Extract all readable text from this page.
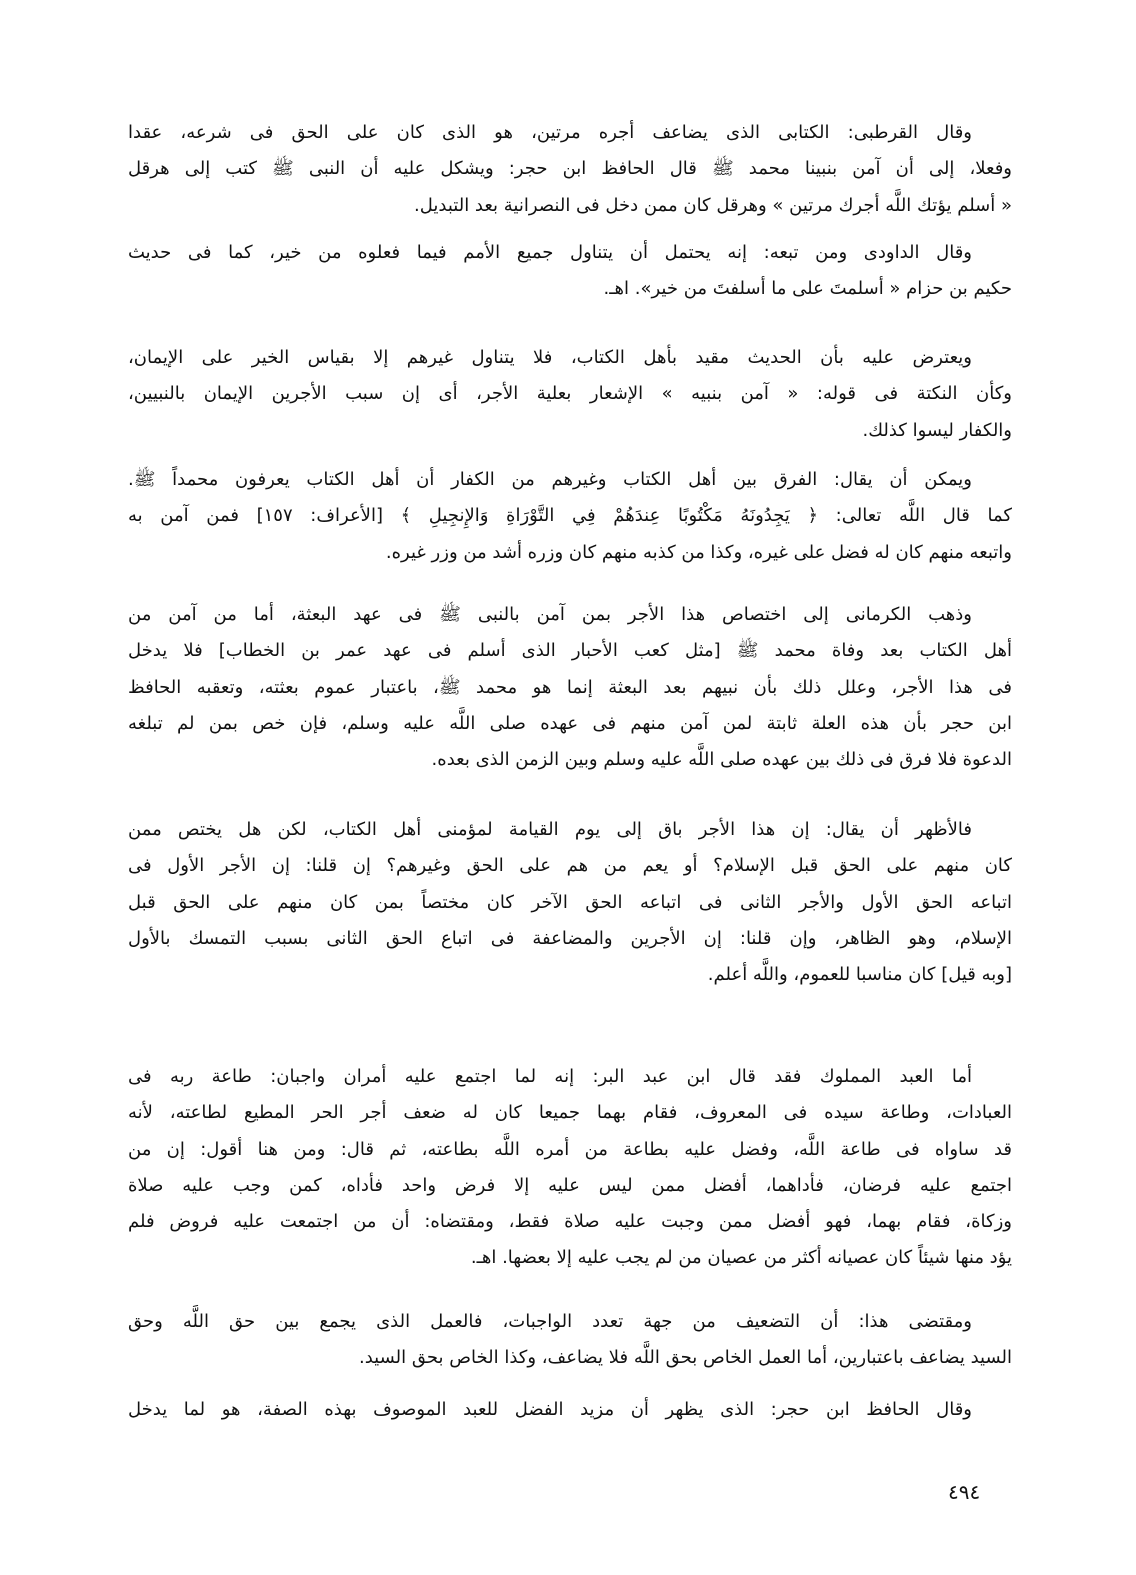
وقال القرطبى: الكتابى الذى يضاعف أجره مرتين، هو الذى كان على الحق فى شرعه، عقدا
وفعلا، إلى أن آمن بنبينا محمد ﷺ قال الحافظ ابن حجر: ويشكل عليه أن النبى ﷺ كتب إلى هرقل
« أسلم يؤتك اللَّه أجرك مرتين » وهرقل كان ممن دخل فى النصرانية بعد التبديل.
وقال الداودى ومن تبعه: إنه يحتمل أن يتناول جميع الأمم فيما فعلوه من خير، كما فى حديث
حكيم بن حزام « أسلمتَ على ما أسلفتَ من خير». اهـ.
ويعترض عليه بأن الحديث مقيد بأهل الكتاب، فلا يتناول غيرهم إلا بقياس الخير على الإيمان،
وكأن النكتة فى قوله: « آمن بنبيه » الإشعار بعلية الأجر، أى إن سبب الأجرين الإيمان بالنبيين،
والكفار ليسوا كذلك.
ويمكن أن يقال: الفرق بين أهل الكتاب وغيرهم من الكفار أن أهل الكتاب يعرفون محمداً ﷺ.
كما قال اللَّه تعالى: ﴿ يَجِدُونَهُ مَكْتُوبًا عِندَهُمْ فِي التَّوْرَاةِ وَالإِنجِيلِ ﴾ [الأعراف: ١٥٧] فمن آمن به
واتبعه منهم كان له فضل على غيره، وكذا من كذبه منهم كان وزره أشد من وزر غيره.
وذهب الكرمانى إلى اختصاص هذا الأجر بمن آمن بالنبى ﷺ فى عهد البعثة، أما من آمن من
أهل الكتاب بعد وفاة محمد ﷺ [مثل كعب الأحبار الذى أسلم فى عهد عمر بن الخطاب] فلا يدخل
فى هذا الأجر، وعلل ذلك بأن نبيهم بعد البعثة إنما هو محمد ﷺ، باعتبار عموم بعثته، وتعقبه الحافظ
ابن حجر بأن هذه العلة ثابتة لمن آمن منهم فى عهده صلى اللَّه عليه وسلم، فإن خص بمن لم تبلغه
الدعوة فلا فرق فى ذلك بين عهده صلى اللَّه عليه وسلم وبين الزمن الذى بعده.
فالأظهر أن يقال: إن هذا الأجر باق إلى يوم القيامة لمؤمنى أهل الكتاب، لكن هل يختص ممن
كان منهم على الحق قبل الإسلام؟ أو يعم من هم على الحق وغيرهم؟ إن قلنا: إن الأجر الأول فى
اتباعه الحق الأول والأجر الثانى فى اتباعه الحق الآخر كان مختصاً بمن كان منهم على الحق قبل
الإسلام، وهو الظاهر، وإن قلنا: إن الأجرين والمضاعفة فى اتباع الحق الثانى بسبب التمسك بالأول
[وبه قيل] كان مناسبا للعموم، واللَّه أعلم.
أما العبد المملوك فقد قال ابن عبد البر: إنه لما اجتمع عليه أمران واجبان: طاعة ربه فى
العبادات، وطاعة سيده فى المعروف، فقام بهما جميعا كان له ضعف أجر الحر المطيع لطاعته، لأنه
قد ساواه فى طاعة اللَّه، وفضل عليه بطاعة من أمره اللَّه بطاعته، ثم قال: ومن هنا أقول: إن من
اجتمع عليه فرضان، فأداهما، أفضل ممن ليس عليه إلا فرض واحد فأداه، كمن وجب عليه صلاة
وزكاة، فقام بهما، فهو أفضل ممن وجبت عليه صلاة فقط، ومقتضاه: أن من اجتمعت عليه فروض فلم
يؤد منها شيئاً كان عصيانه أكثر من عصيان من لم يجب عليه إلا بعضها. اهـ.
ومقتضى هذا: أن التضعيف من جهة تعدد الواجبات، فالعمل الذى يجمع بين حق اللَّه وحق
السيد يضاعف باعتبارين، أما العمل الخاص بحق اللَّه فلا يضاعف، وكذا الخاص بحق السيد.
وقال الحافظ ابن حجر: الذى يظهر أن مزيد الفضل للعبد الموصوف بهذه الصفة، هو لما يدخل
٤٩٤
